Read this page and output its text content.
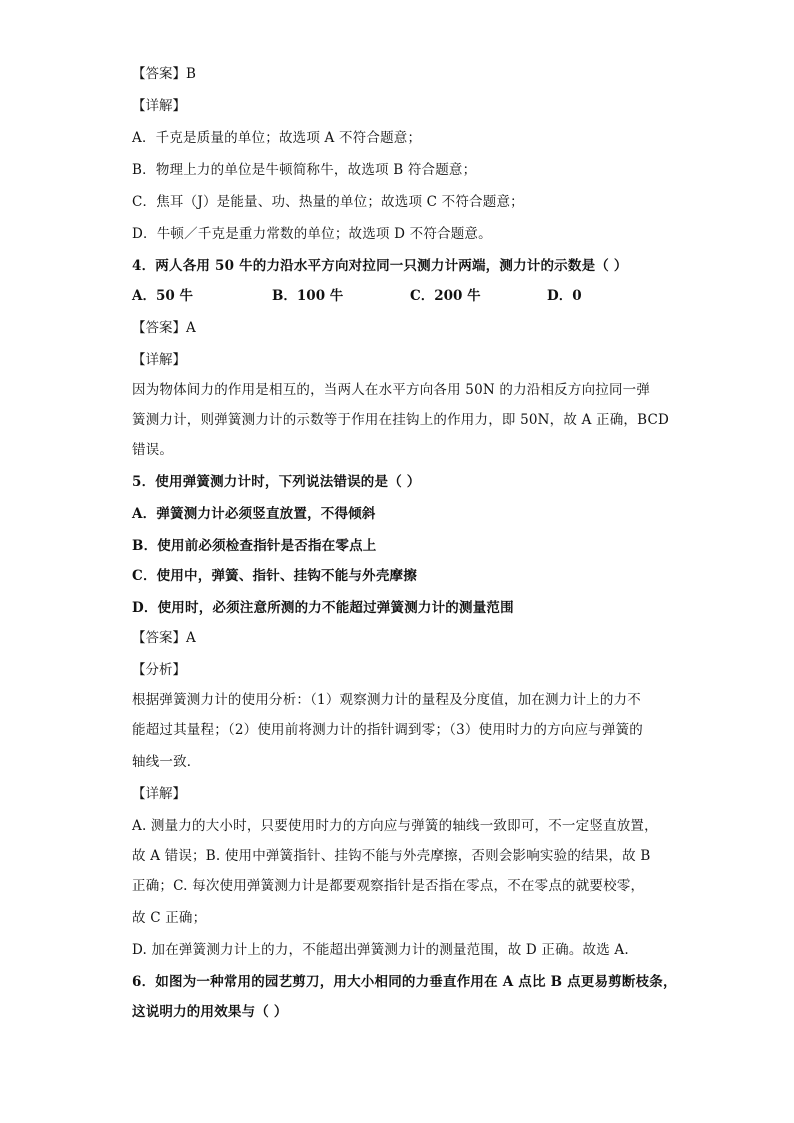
【答案】B
【详解】
A．千克是质量的单位；故选项 A 不符合题意；
B．物理上力的单位是牛顿简称牛，故选项 B 符合题意；
C．焦耳（J）是能量、功、热量的单位；故选项 C 不符合题意；
D．牛顿／千克是重力常数的单位；故选项 D 不符合题意。
4．两人各用 50 牛的力沿水平方向对拉同一只测力计两端，测力计的示数是（ ）
A．50 牛	B．100 牛	C．200 牛	D．0
【答案】A
【详解】
因为物体间力的作用是相互的，当两人在水平方向各用 50N 的力沿相反方向拉同一弹
簧测力计，则弹簧测力计的示数等于作用在挂钩上的作用力，即 50N，故 A 正确，BCD
错误。
5．使用弹簧测力计时，下列说法错误的是（ ）
A．弹簧测力计必须竖直放置，不得倾斜
B．使用前必须检查指针是否指在零点上
C．使用中，弹簧、指针、挂钩不能与外壳摩擦
D．使用时，必须注意所测的力不能超过弹簧测力计的测量范围
【答案】A
【分析】
根据弹簧测力计的使用分析：（1）观察测力计的量程及分度值，加在测力计上的力不
能超过其量程；（2）使用前将测力计的指针调到零；（3）使用时力的方向应与弹簧的
轴线一致．
【详解】
A. 测量力的大小时，只要使用时力的方向应与弹簧的轴线一致即可，不一定竖直放置，
故 A 错误；B. 使用中弹簧指针、挂钩不能与外壳摩擦，否则会影响实验的结果，故 B
正确；C. 每次使用弹簧测力计是都要观察指针是否指在零点，不在零点的就要校零，
故 C 正确；
D. 加在弹簧测力计上的力，不能超出弹簧测力计的测量范围，故 D 正确。故选 A.
6．如图为一种常用的园艺剪刀，用大小相同的力垂直作用在 A 点比 B 点更易剪断枝条，
这说明力的用效果与（ ）
